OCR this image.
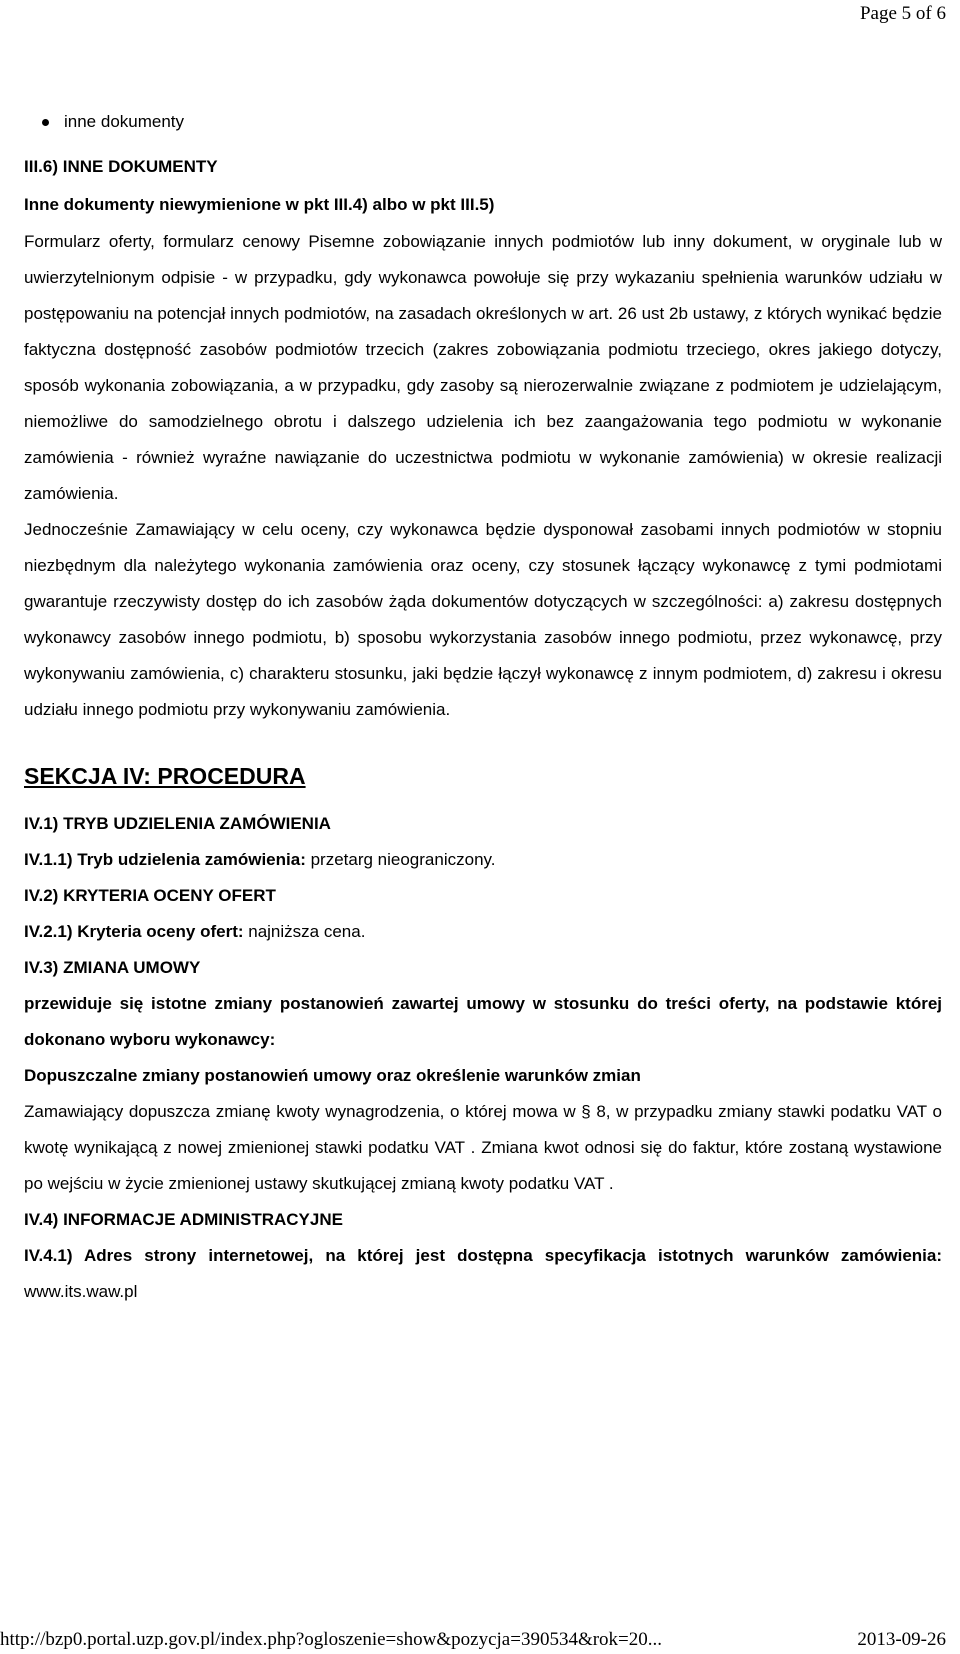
Page 5 of 6
inne dokumenty
III.6) INNE DOKUMENTY
Inne dokumenty niewymienione w pkt III.4) albo w pkt III.5)
Formularz oferty, formularz cenowy Pisemne zobowiązanie innych podmiotów lub inny dokument, w oryginale lub w uwierzytelnionym odpisie - w przypadku, gdy wykonawca powołuje się przy wykazaniu spełnienia warunków udziału w postępowaniu na potencjał innych podmiotów, na zasadach określonych w art. 26 ust 2b ustawy, z których wynikać będzie faktyczna dostępność zasobów podmiotów trzecich (zakres zobowiązania podmiotu trzeciego, okres jakiego dotyczy, sposób wykonania zobowiązania, a w przypadku, gdy zasoby są nierozerwalnie związane z podmiotem je udzielającym, niemożliwe do samodzielnego obrotu i dalszego udzielenia ich bez zaangażowania tego podmiotu w wykonanie zamówienia - również wyraźne nawiązanie do uczestnictwa podmiotu w wykonanie zamówienia) w okresie realizacji zamówienia.
Jednocześnie Zamawiający w celu oceny, czy wykonawca będzie dysponował zasobami innych podmiotów w stopniu niezbędnym dla należytego wykonania zamówienia oraz oceny, czy stosunek łączący wykonawcę z tymi podmiotami gwarantuje rzeczywisty dostęp do ich zasobów żąda dokumentów dotyczących w szczególności: a) zakresu dostępnych wykonawcy zasobów innego podmiotu, b) sposobu wykorzystania zasobów innego podmiotu, przez wykonawcę, przy wykonywaniu zamówienia, c) charakteru stosunku, jaki będzie łączył wykonawcę z innym podmiotem, d) zakresu i okresu udziału innego podmiotu przy wykonywaniu zamówienia.
SEKCJA IV: PROCEDURA
IV.1) TRYB UDZIELENIA ZAMÓWIENIA
IV.1.1) Tryb udzielenia zamówienia: przetarg nieograniczony.
IV.2) KRYTERIA OCENY OFERT
IV.2.1) Kryteria oceny ofert: najniższa cena.
IV.3) ZMIANA UMOWY
przewiduje się istotne zmiany postanowień zawartej umowy w stosunku do treści oferty, na podstawie której dokonano wyboru wykonawcy:
Dopuszczalne zmiany postanowień umowy oraz określenie warunków zmian
Zamawiający dopuszcza zmianę kwoty wynagrodzenia, o której mowa w § 8, w przypadku zmiany stawki podatku VAT o kwotę wynikającą z nowej zmienionej stawki podatku VAT . Zmiana kwot odnosi się do faktur, które zostaną wystawione po wejściu w życie zmienionej ustawy skutkującej zmianą kwoty podatku VAT .
IV.4) INFORMACJE ADMINISTRACYJNE
IV.4.1) Adres strony internetowej, na której jest dostępna specyfikacja istotnych warunków zamówienia: www.its.waw.pl
http://bzp0.portal.uzp.gov.pl/index.php?ogloszenie=show&pozycja=390534&rok=20...	2013-09-26
